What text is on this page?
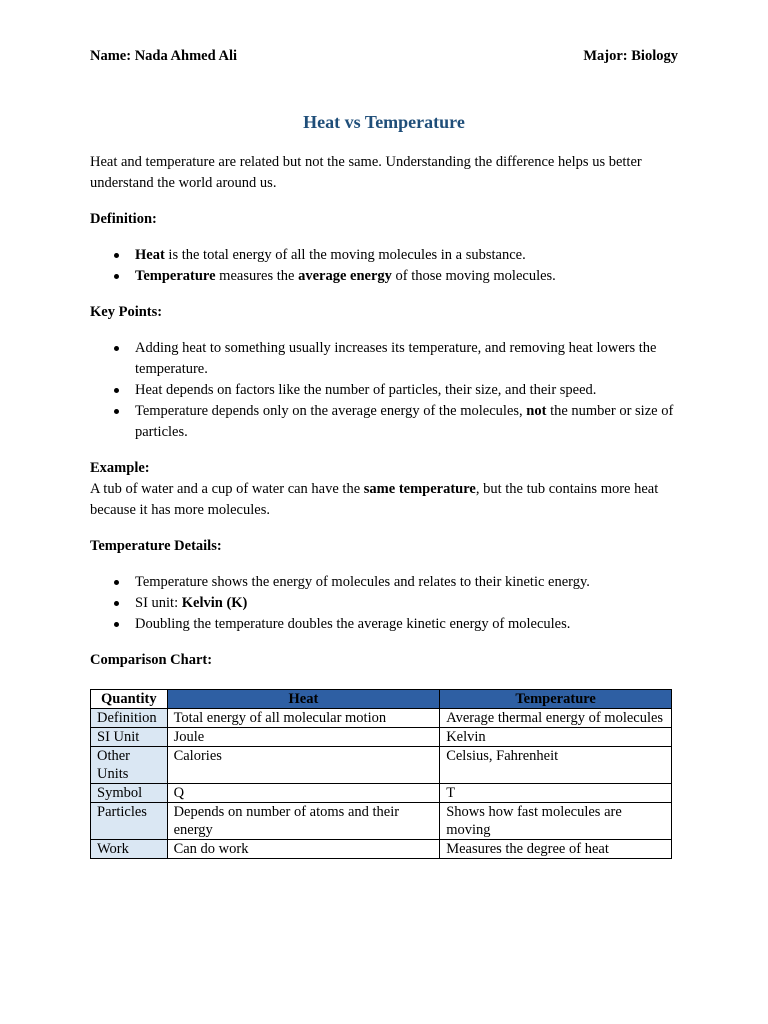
Name: Nada Ahmed Ali	Major: Biology
Heat vs Temperature

Heat and temperature are related but not the same. Understanding the difference helps us better understand the world around us.

Definition:

Heat is the total energy of all the moving molecules in a substance.
Temperature measures the average energy of those moving molecules.

Key Points:

Adding heat to something usually increases its temperature, and removing heat lowers the temperature.
Heat depends on factors like the number of particles, their size, and their speed.
Temperature depends only on the average energy of the molecules, not the number or size of particles.

Example:

A tub of water and a cup of water can have the same temperature, but the tub contains more heat because it has more molecules.

Temperature Details:

Temperature shows the energy of molecules and relates to their kinetic energy.
SI unit: Kelvin (K)
Doubling the temperature doubles the average kinetic energy of molecules.

Comparison Chart:

Quantity	Heat	Temperature
Definition	Total energy of all molecular motion	Average thermal energy of molecules
SI Unit	Joule	Kelvin
Other Units	Calories	Celsius, Fahrenheit
Symbol	Q	T
Particles	Depends on number of atoms and their energy	Shows how fast molecules are moving
Work	Can do work	Measures the degree of heat
